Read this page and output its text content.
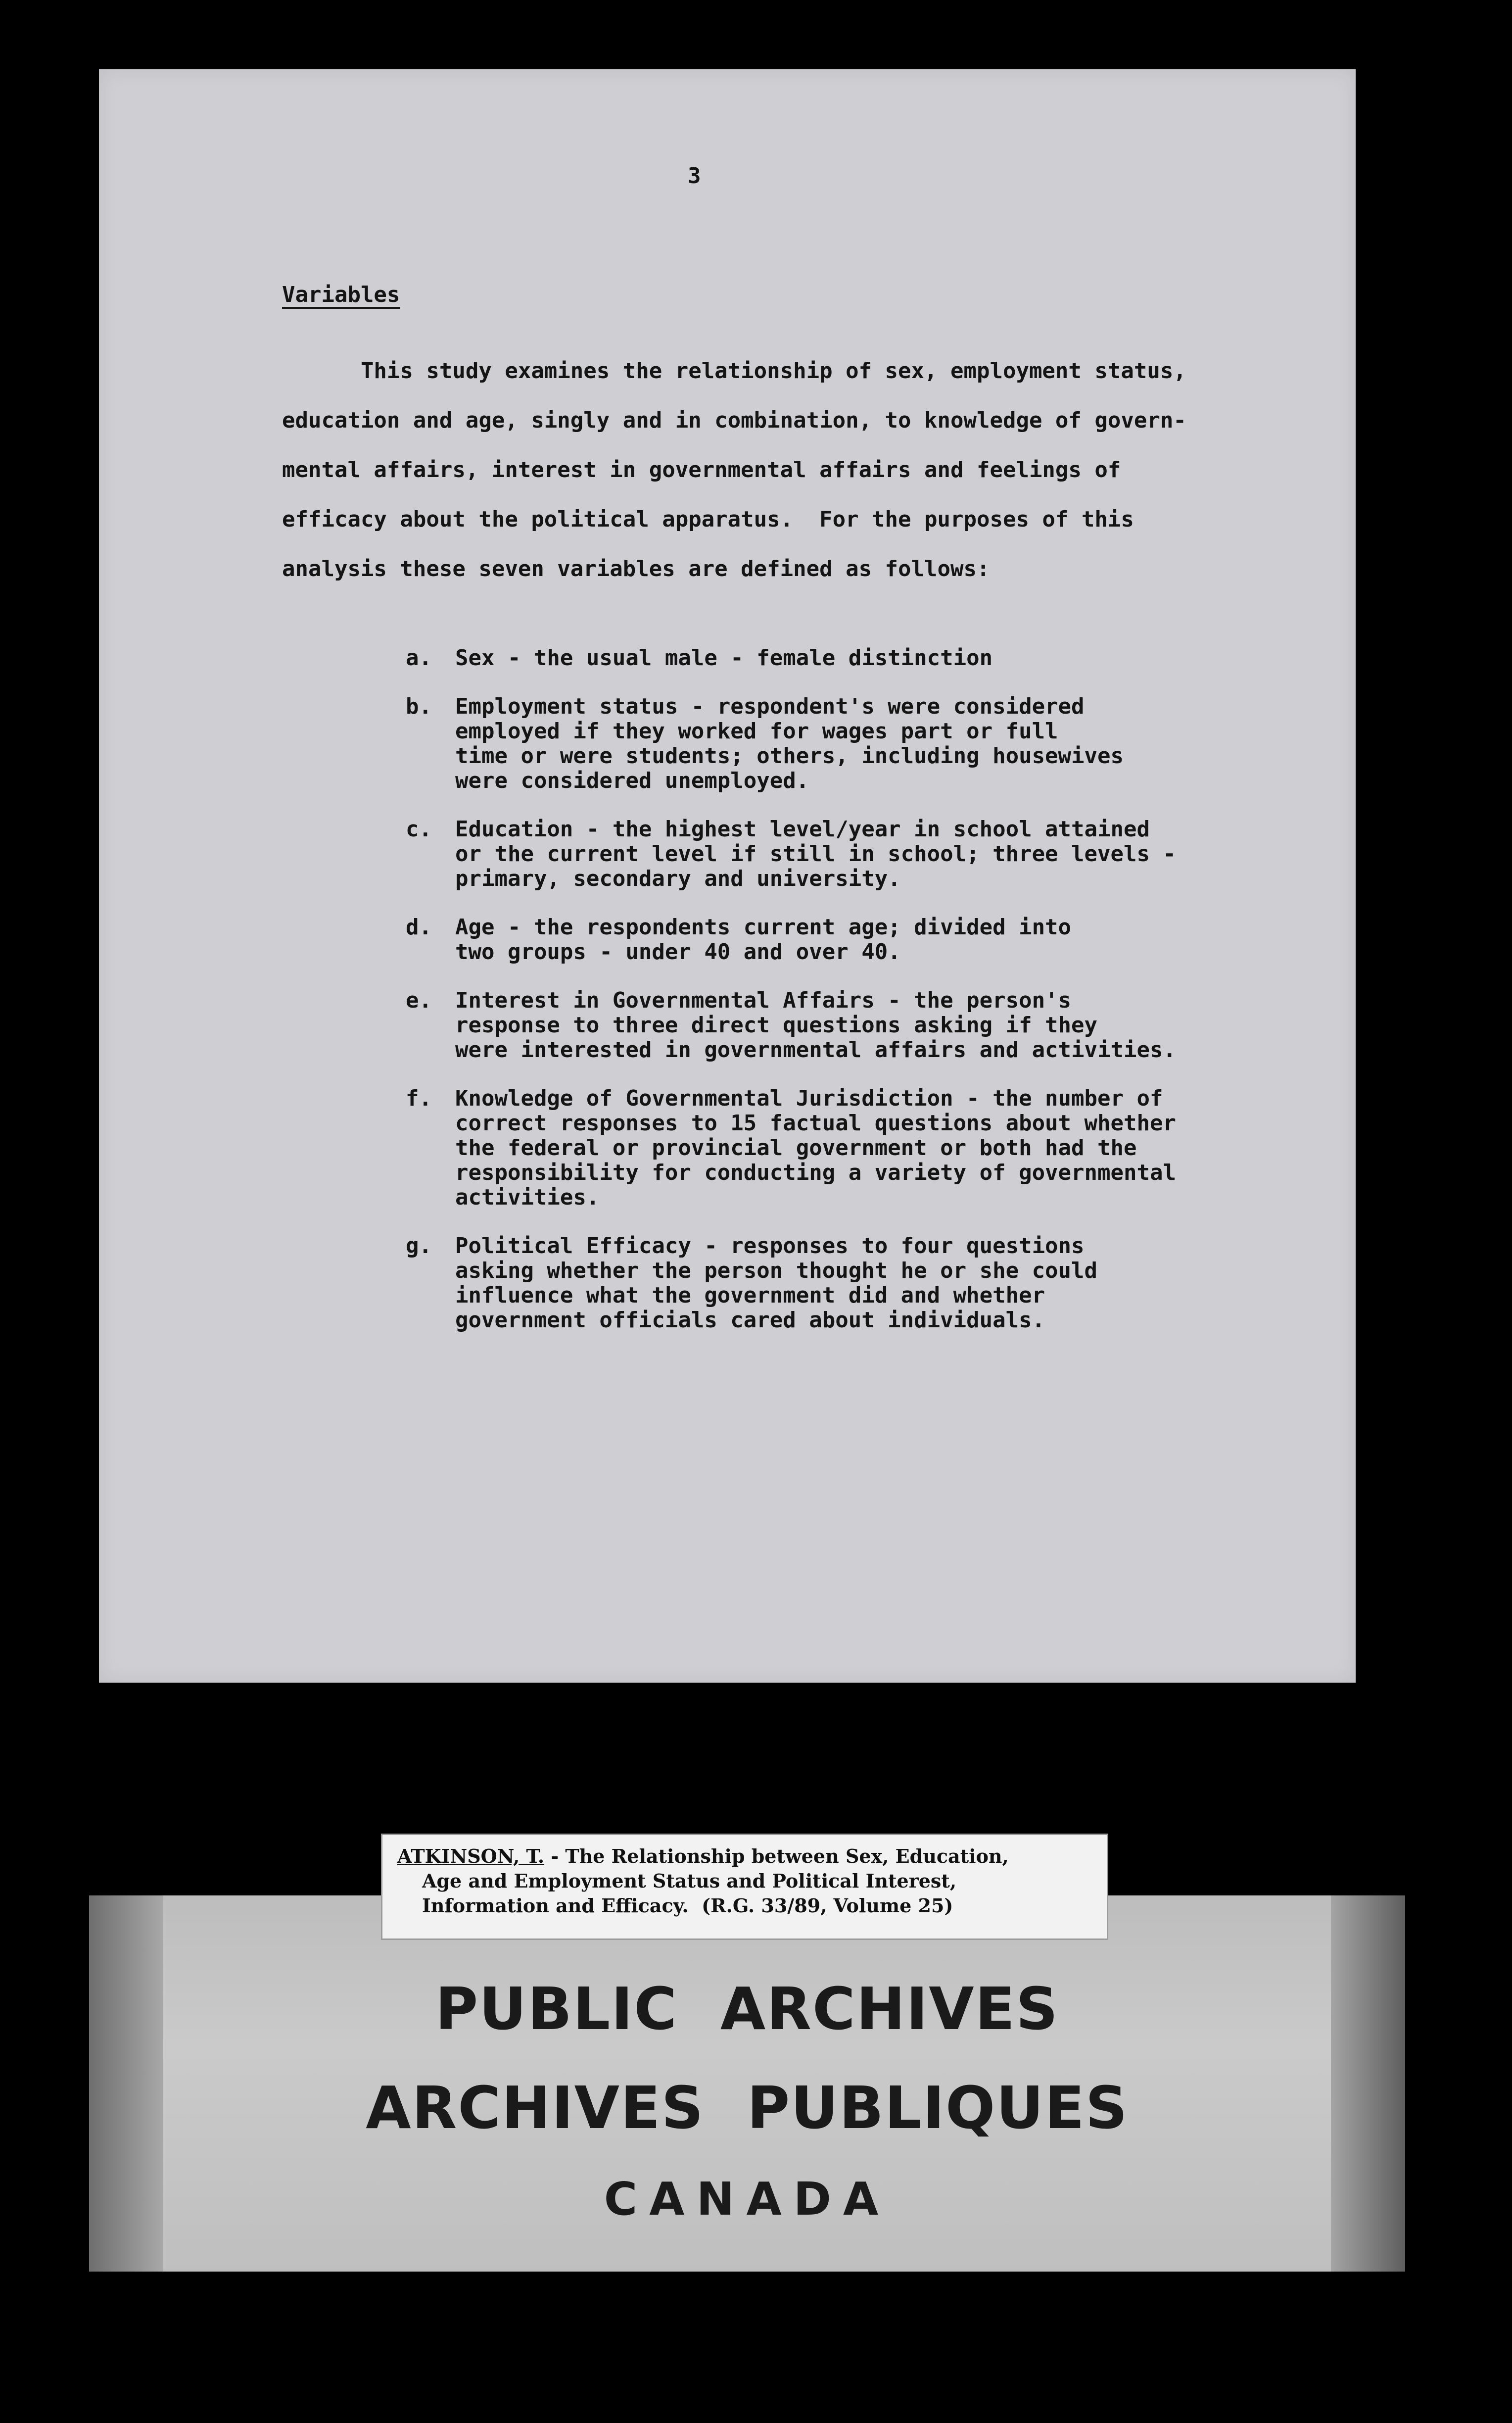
3
Variables

This study examines the relationship of sex, employment status,
education and age, singly and in combination, to knowledge of govern-
mental affairs, interest in governmental affairs and feelings of
efficacy about the political apparatus.  For the purposes of this
analysis these seven variables are defined as follows:

a. Sex - the usual male - female distinction
b. Employment status - respondent's were considered
employed if they worked for wages part or full
time or were students; others, including housewives
were considered unemployed.
c. Education - the highest level/year in school attained
or the current level if still in school; three levels -
primary, secondary and university.
d. Age - the respondents current age; divided into
two groups - under 40 and over 40.
e. Interest in Governmental Affairs - the person's
response to three direct questions asking if they
were interested in governmental affairs and activities.
f. Knowledge of Governmental Jurisdiction - the number of
correct responses to 15 factual questions about whether
the federal or provincial government or both had the
responsibility for conducting a variety of governmental
activities.
g. Political Efficacy - responses to four questions
asking whether the person thought he or she could
influence what the government did and whether
government officials cared about individuals.
ATKINSON, T. - The Relationship between Sex, Education,
Age and Employment Status and Political Interest,
Information and Efficacy.  (R.G. 33/89, Volume 25)
PUBLIC  ARCHIVES
ARCHIVES  PUBLIQUES
CANADA
